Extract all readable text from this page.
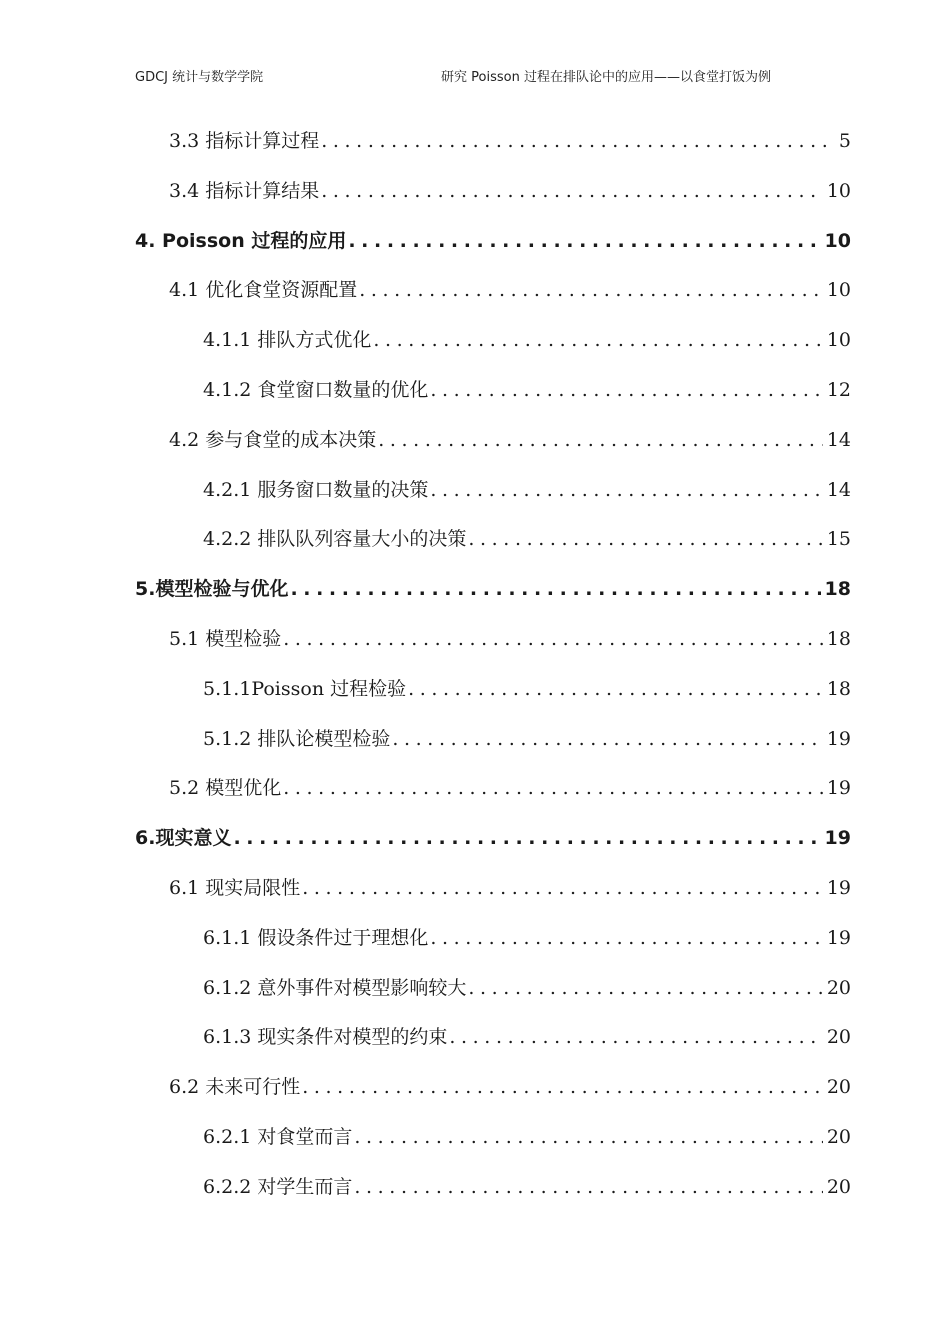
GDCJ 统计与数学学院	研究 Poisson 过程在排队论中的应用——以食堂打饭为例
3.3 指标计算过程 .....	5
3.4 指标计算结果 .....	10
4. Poisson 过程的应用 .....	10
4.1 优化食堂资源配置 .....	10
4.1.1 排队方式优化 .....	10
4.1.2 食堂窗口数量的优化 .....	12
4.2 参与食堂的成本决策 .....	14
4.2.1 服务窗口数量的决策 .....	14
4.2.2 排队队列容量大小的决策 .....	15
5.模型检验与优化 .....	18
5.1 模型检验 .....	18
5.1.1Poisson 过程检验 .....	18
5.1.2 排队论模型检验 .....	19
5.2 模型优化 .....	19
6.现实意义 .....	19
6.1 现实局限性 .....	19
6.1.1 假设条件过于理想化 .....	19
6.1.2 意外事件对模型影响较大 .....	20
6.1.3 现实条件对模型的约束 .....	20
6.2 未来可行性 .....	20
6.2.1 对食堂而言 .....	20
6.2.2 对学生而言 .....	20
